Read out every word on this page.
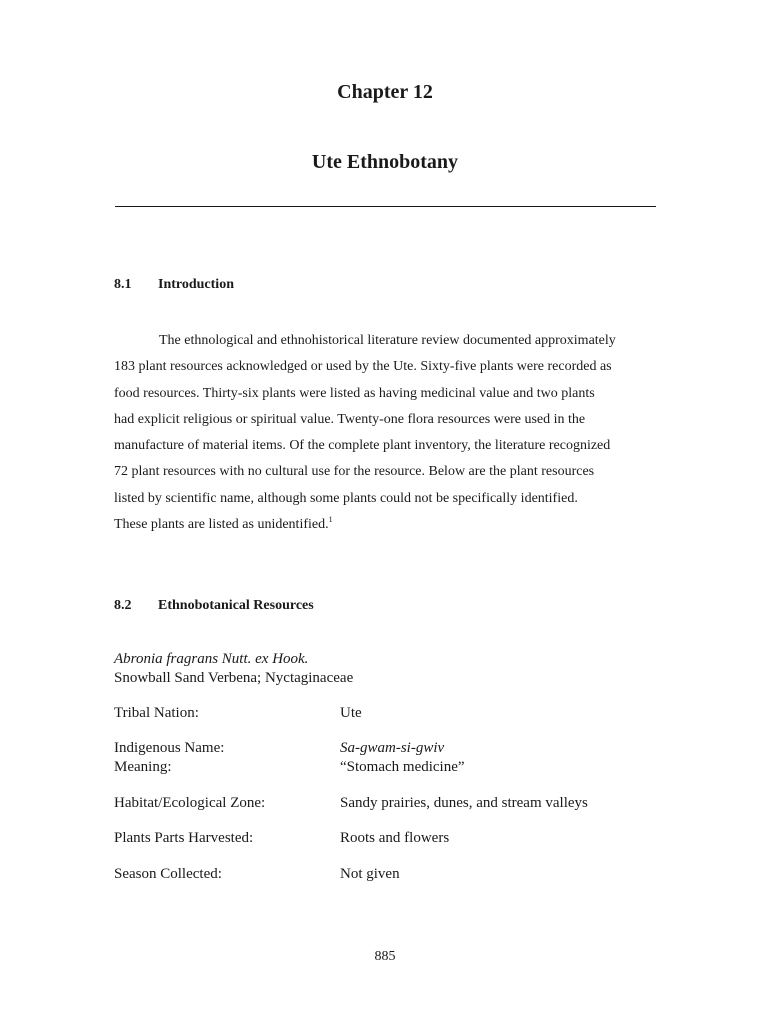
Chapter 12
Ute Ethnobotany
8.1 Introduction
The ethnological and ethnohistorical literature review documented approximately
183 plant resources acknowledged or used by the Ute. Sixty-five plants were recorded as
food resources. Thirty-six plants were listed as having medicinal value and two plants
had explicit religious or spiritual value. Twenty-one flora resources were used in the
manufacture of material items. Of the complete plant inventory, the literature recognized
72 plant resources with no cultural use for the resource. Below are the plant resources
listed by scientific name, although some plants could not be specifically identified.
These plants are listed as unidentified.$^1$
8.2 Ethnobotanical Resources
Abronia fragrans Nutt. ex Hook.
Snowball Sand Verbena; Nyctaginaceae
Tribal Nation:	Ute
Indigenous Name:	Sa-gwam-si-gwiv
Meaning:	“Stomach medicine”
Habitat/Ecological Zone:	Sandy prairies, dunes, and stream valleys
Plants Parts Harvested:	Roots and flowers
Season Collected:	Not given
885
